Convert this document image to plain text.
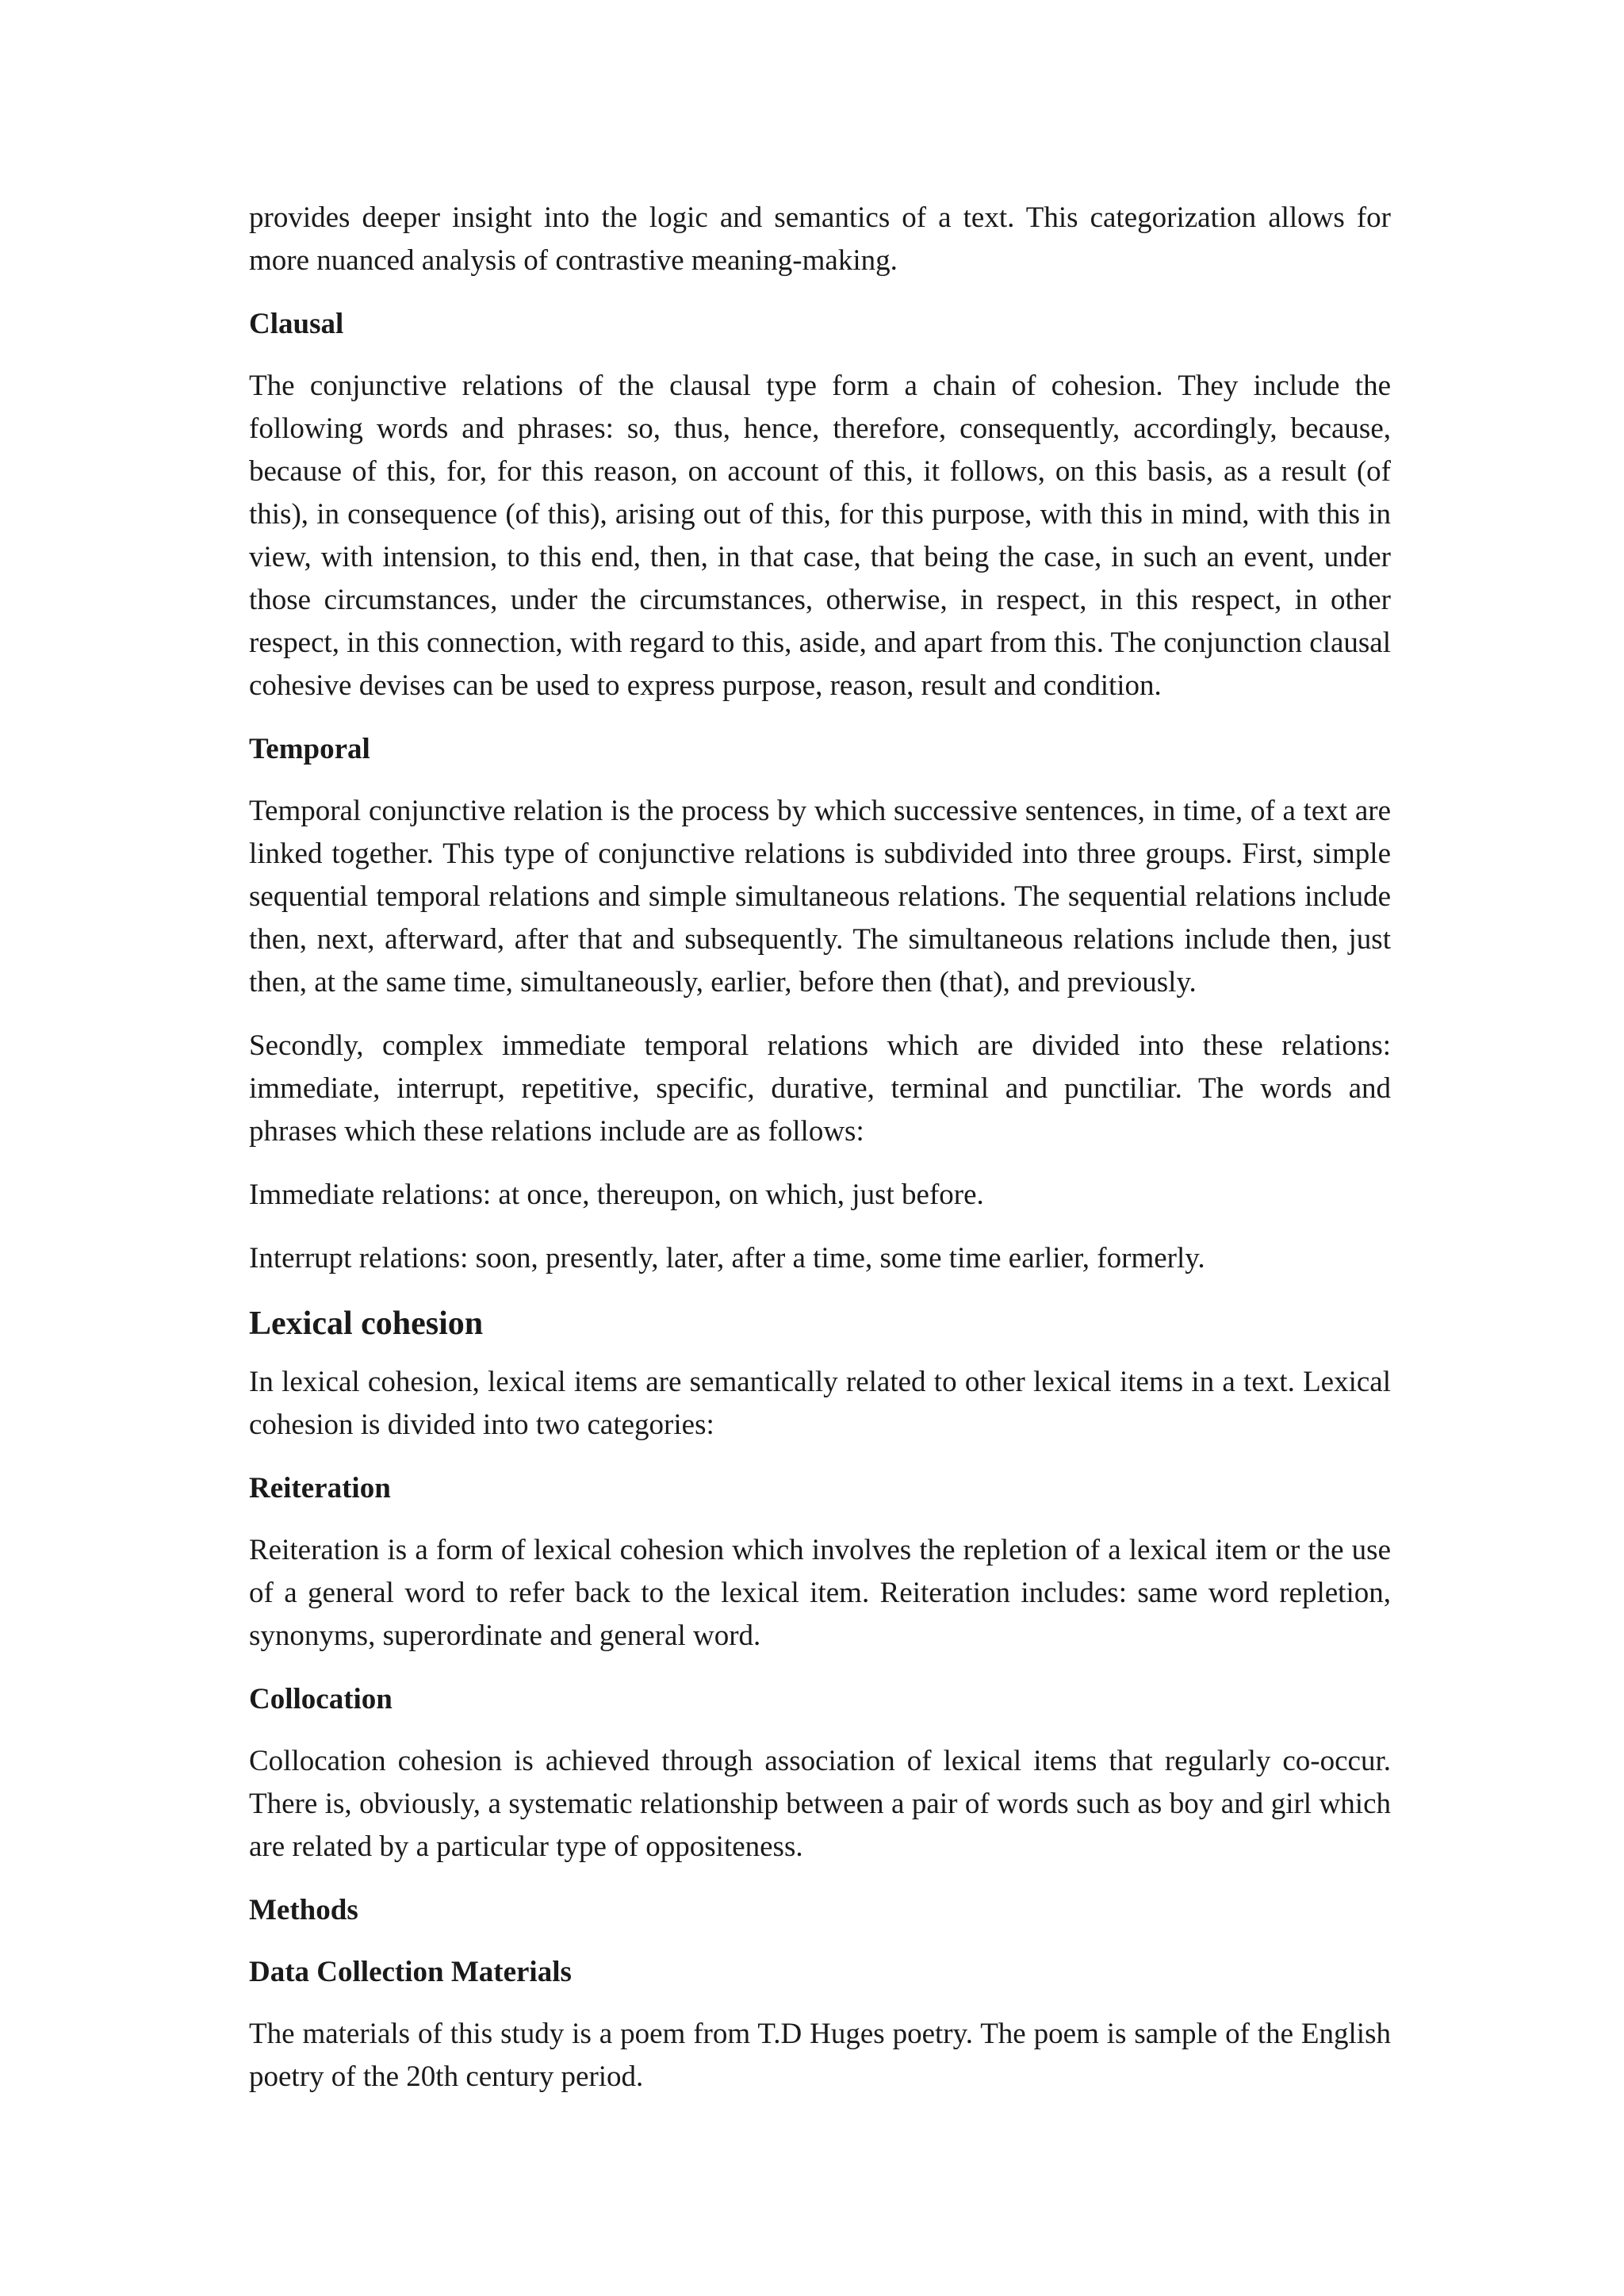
provides deeper insight into the logic and semantics of a text. This categorization allows for more nuanced analysis of contrastive meaning-making.

Clausal

The conjunctive relations of the clausal type form a chain of cohesion. They include the following words and phrases: so, thus, hence, therefore, consequently, accordingly, because, because of this, for, for this reason, on account of this, it follows, on this basis, as a result (of this), in consequence (of this), arising out of this, for this purpose, with this in mind, with this in view, with intension, to this end, then, in that case, that being the case, in such an event, under those circumstances, under the circumstances, otherwise, in respect, in this respect, in other respect, in this connection, with regard to this, aside, and apart from this. The conjunction clausal cohesive devises can be used to express purpose, reason, result and condition.

Temporal

Temporal conjunctive relation is the process by which successive sentences, in time, of a text are linked together. This type of conjunctive relations is subdivided into three groups. First, simple sequential temporal relations and simple simultaneous relations. The sequential relations include then, next, afterward, after that and subsequently. The simultaneous relations include then, just then, at the same time, simultaneously, earlier, before then (that), and previously.

Secondly, complex immediate temporal relations which are divided into these relations: immediate, interrupt, repetitive, specific, durative, terminal and punctiliar. The words and phrases which these relations include are as follows:

Immediate relations: at once, thereupon, on which, just before.

Interrupt relations: soon, presently, later, after a time, some time earlier, formerly.

Lexical cohesion

In lexical cohesion, lexical items are semantically related to other lexical items in a text. Lexical cohesion is divided into two categories:

Reiteration

Reiteration is a form of lexical cohesion which involves the repletion of a lexical item or the use of a general word to refer back to the lexical item. Reiteration includes: same word repletion, synonyms, superordinate and general word.

Collocation

Collocation cohesion is achieved through association of lexical items that regularly co-occur. There is, obviously, a systematic relationship between a pair of words such as boy and girl which are related by a particular type of oppositeness.

Methods
Data Collection Materials

The materials of this study is a poem from T.D Huges poetry. The poem is sample of the English poetry of the 20th century period.
